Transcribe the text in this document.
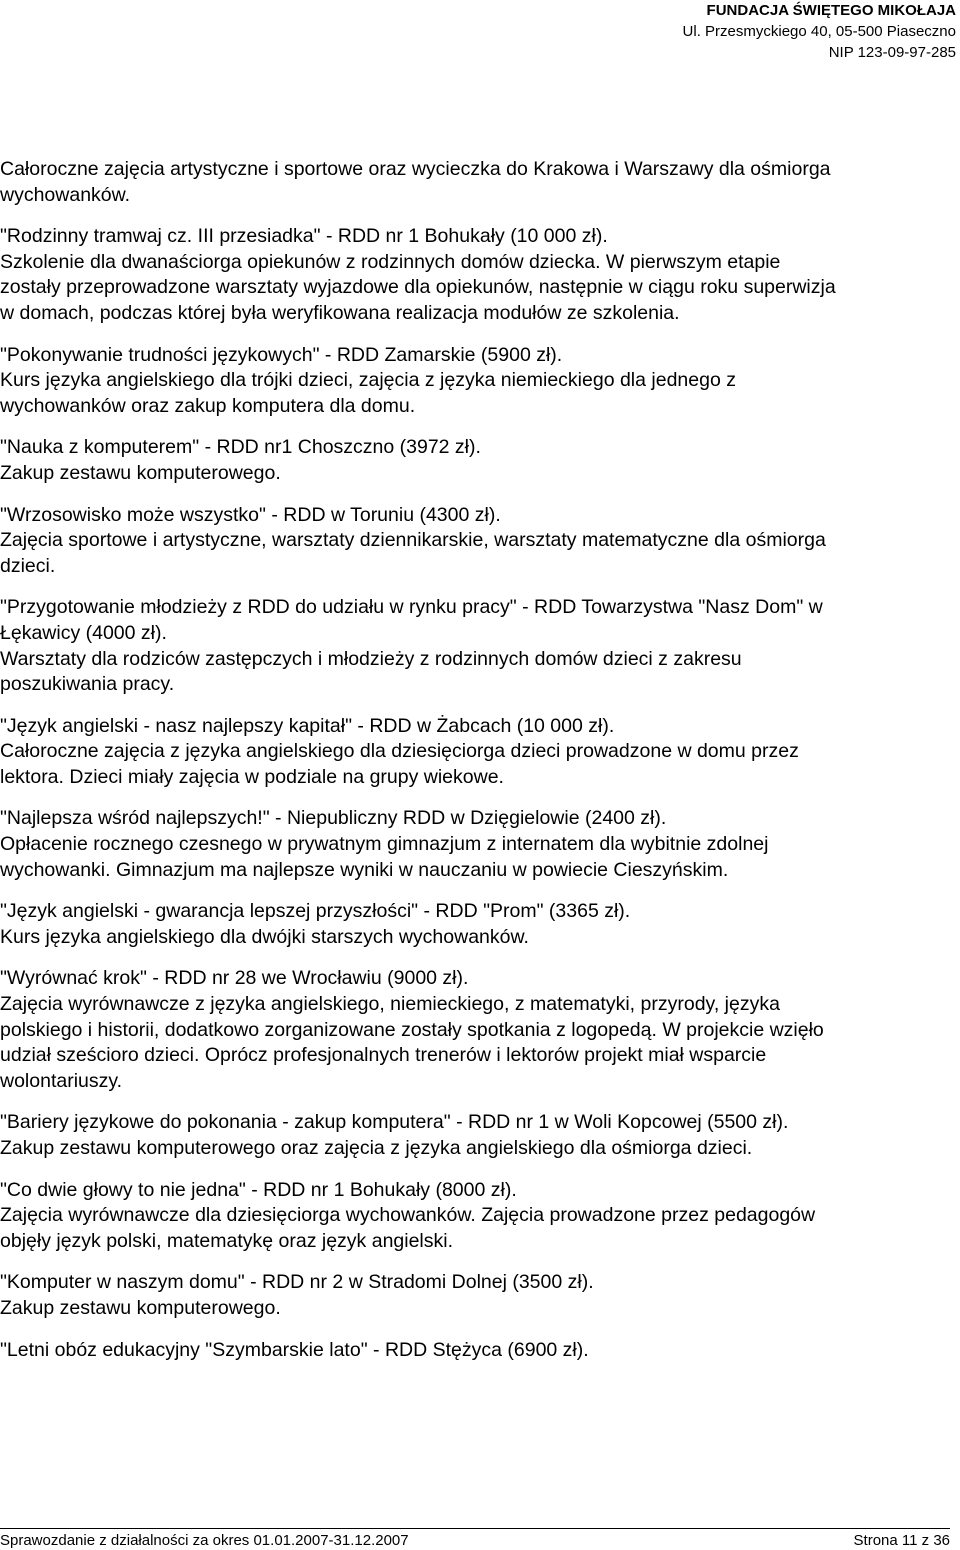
FUNDACJA ŚWIĘTEGO MIKOŁAJA
Ul. Przesmyckiego 40, 05-500 Piaseczno
NIP 123-09-97-285

Całoroczne zajęcia artystyczne i sportowe oraz wycieczka do Krakowa i Warszawy dla ośmiorga

wychowanków.

"Rodzinny tramwaj cz. III przesiadka" - RDD nr 1 Bohukały (10 000 zł).

Szkolenie dla dwanaściorga opiekunów z rodzinnych domów dziecka. W pierwszym etapie

zostały przeprowadzone warsztaty wyjazdowe dla opiekunów, następnie w ciągu roku superwizja

w domach, podczas której była weryfikowana realizacja modułów ze szkolenia.

"Pokonywanie trudności językowych" - RDD Zamarskie (5900 zł).

Kurs języka angielskiego dla trójki dzieci, zajęcia z języka niemieckiego dla jednego z

wychowanków oraz zakup komputera dla domu.

"Nauka z komputerem" - RDD nr1 Choszczno (3972 zł).

Zakup zestawu komputerowego.

"Wrzosowisko może wszystko" - RDD w Toruniu (4300 zł).

Zajęcia sportowe i artystyczne, warsztaty dziennikarskie, warsztaty matematyczne dla ośmiorga

dzieci.

"Przygotowanie młodzieży z RDD do udziału w rynku pracy" - RDD Towarzystwa "Nasz Dom" w

Łękawicy (4000 zł).

Warsztaty dla rodziców zastępczych i młodzieży z rodzinnych domów dzieci z zakresu

poszukiwania pracy.

"Język angielski - nasz najlepszy kapitał" - RDD w Żabcach (10 000 zł).

Całoroczne zajęcia z języka angielskiego dla dziesięciorga dzieci prowadzone w domu przez

lektora. Dzieci miały zajęcia w podziale na grupy wiekowe.

"Najlepsza wśród najlepszych!" - Niepubliczny RDD w Dzięgielowie (2400 zł).

Opłacenie rocznego czesnego w prywatnym gimnazjum z internatem dla wybitnie zdolnej

wychowanki. Gimnazjum ma najlepsze wyniki w nauczaniu w powiecie Cieszyńskim.

"Język angielski - gwarancja lepszej przyszłości" - RDD "Prom" (3365 zł).

Kurs języka angielskiego dla dwójki starszych wychowanków.

"Wyrównać krok" - RDD nr 28 we Wrocławiu (9000 zł).

Zajęcia wyrównawcze z języka angielskiego, niemieckiego, z matematyki, przyrody, języka

polskiego i historii, dodatkowo zorganizowane zostały spotkania z logopedą. W projekcie wzięło

udział sześcioro dzieci. Oprócz profesjonalnych trenerów i lektorów projekt miał wsparcie

wolontariuszy.

"Bariery językowe do pokonania - zakup komputera" - RDD nr 1 w Woli Kopcowej (5500 zł).

Zakup zestawu komputerowego oraz zajęcia z języka angielskiego dla ośmiorga dzieci.

"Co dwie głowy to nie jedna" - RDD nr 1 Bohukały (8000 zł).

Zajęcia wyrównawcze dla dziesięciorga wychowanków. Zajęcia prowadzone przez pedagogów

objęły język polski, matematykę oraz język angielski.

"Komputer w naszym domu" - RDD nr 2 w Stradomi Dolnej (3500 zł).

Zakup zestawu komputerowego.

"Letni obóz edukacyjny "Szymbarskie lato" - RDD Stężyca (6900 zł).

Sprawozdanie z działalności za okres 01.01.2007-31.12.2007	Strona 11 z 36
